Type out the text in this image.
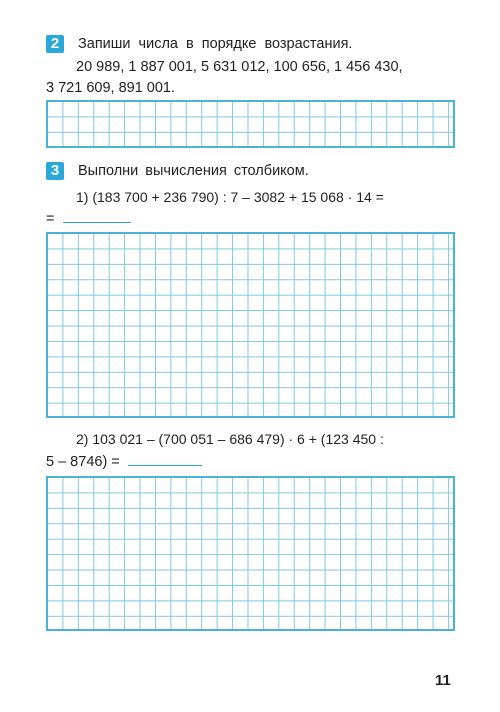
2	Запиши числа в порядке возрастания.
20 989, 1 887 001, 5 631 012, 100 656, 1 456 430,
3 721 609, 891 001.
3	Выполни вычисления столбиком.
1) (183 700 + 236 790) : 7 – 3082 + 15 068 · 14 =
=
2) 103 021 – (700 051 – 686 479) · 6 + (123 450 :
5 – 8746) =
11
